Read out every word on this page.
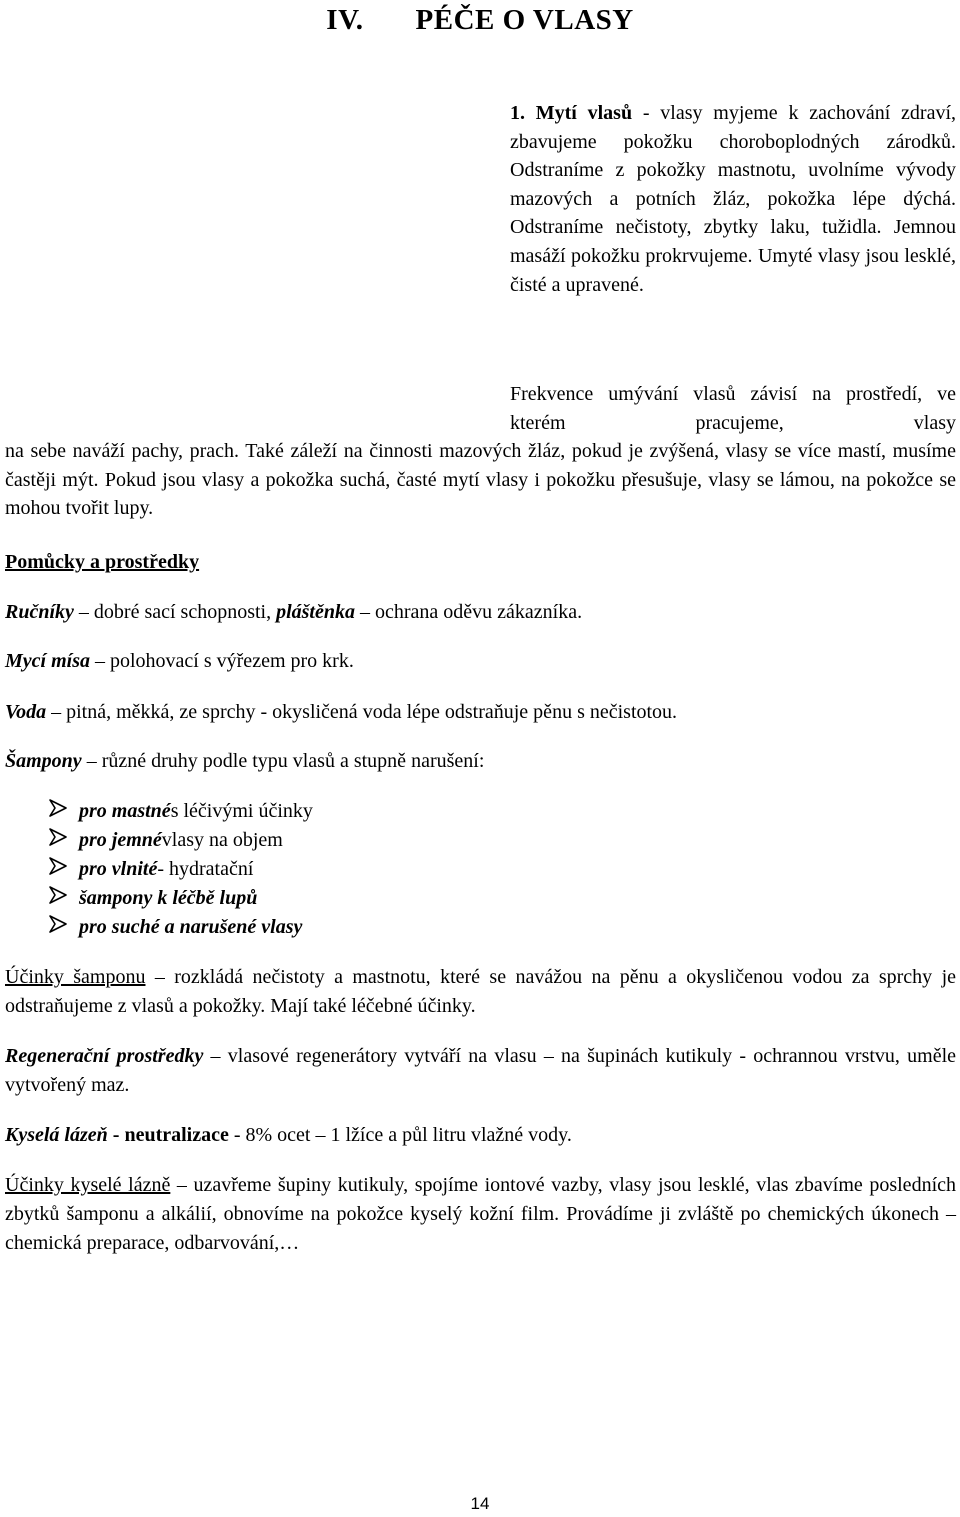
IV. PÉČE O VLASY
1. Mytí vlasů - vlasy myjeme k zachování zdraví, zbavujeme pokožku choroboplodných zárodků. Odstraníme z pokožky mastnotu, uvolníme vývody mazových a potních žláz, pokožka lépe dýchá. Odstraníme nečistoty, zbytky laku, tužidla. Jemnou masáží pokožku prokrvujeme. Umyté vlasy jsou lesklé, čisté a upravené.

Frekvence umývání vlasů závisí na prostředí, ve kterém pracujeme, vlasy

na sebe naváží pachy, prach. Také záleží na činnosti mazových žláz, pokud je zvýšená, vlasy se více mastí, musíme častěji mýt. Pokud jsou vlasy a pokožka suchá, časté mytí vlasy i pokožku přesušuje, vlasy se lámou, na pokožce se mohou tvořit lupy.

Pomůcky a prostředky
Ručníky – dobré sací schopnosti, pláštěnka – ochrana oděvu zákazníka.
Mycí mísa – polohovací s výřezem pro krk.
Voda – pitná, měkká, ze sprchy - okysličená voda lépe odstraňuje pěnu s nečistotou.
Šampony – různé druhy podle typu vlasů a stupně narušení:
pro mastné s léčivými účinky
pro jemné vlasy na objem
pro vlnité - hydratační
šampony k léčbě lupů
pro suché a narušené vlasy
Účinky šamponu – rozkládá nečistoty a mastnotu, které se navážou na pěnu a okysličenou vodou za sprchy je odstraňujeme z vlasů a pokožky. Mají také léčebné účinky.
Regenerační prostředky – vlasové regenerátory vytváří na vlasu – na šupinách kutikuly - ochrannou vrstvu, uměle vytvořený maz.
Kyselá lázeň - neutralizace - 8% ocet – 1 lžíce a půl litru vlažné vody.
Účinky kyselé lázně – uzavřeme šupiny kutikuly, spojíme iontové vazby, vlasy jsou lesklé, vlas zbavíme posledních zbytků šamponu a alkálií, obnovíme na pokožce kyselý kožní film. Provádíme ji zvláště po chemických úkonech – chemická preparace, odbarvování,…
14
